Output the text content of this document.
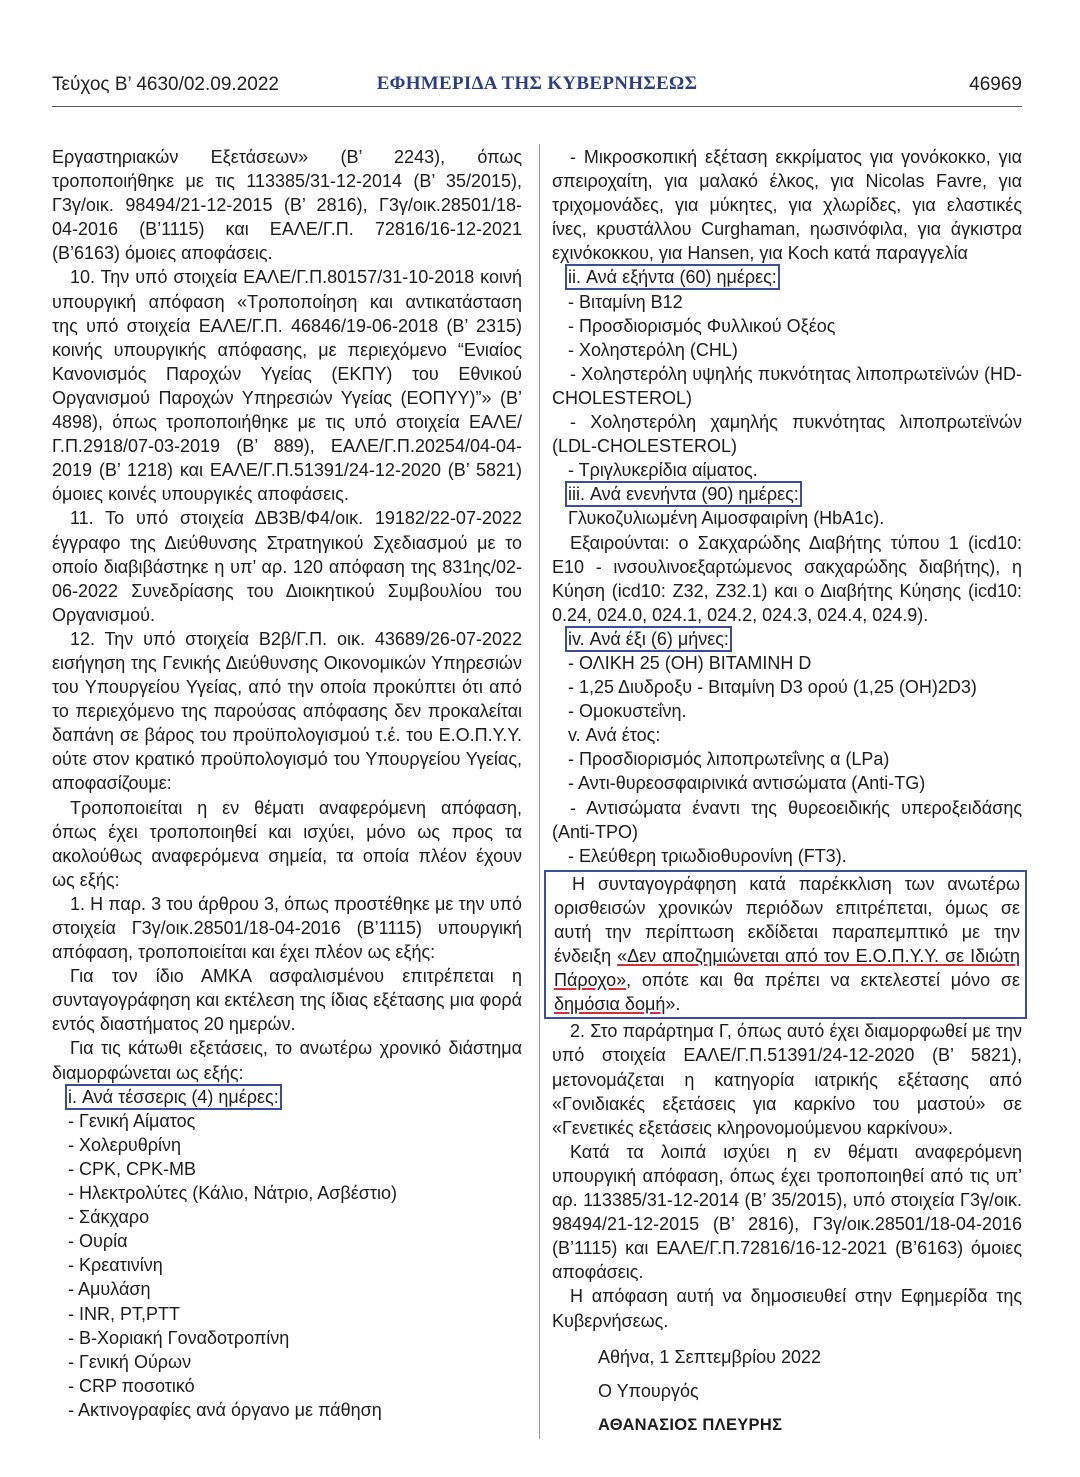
Τεύχος Β’ 4630/02.09.2022	ΕΦΗΜΕΡΙΔΑ ΤΗΣ ΚΥΒΕΡΝΗΣΕΩΣ	46969

Εργαστηριακών Εξετάσεων» (Β’ 2243), όπως τροποποιήθηκε με τις 113385/31-12-2014 (Β’ 35/2015), Γ3γ/οικ. 98494/21-12-2015 (Β’ 2816), Γ3γ/οικ.28501/18-04-2016 (Β’1115) και ΕΑΛΕ/Γ.Π. 72816/16-12-2021 (Β’6163) όμοιες αποφάσεις.

10. Την υπό στοιχεία ΕΑΛΕ/Γ.Π.80157/31-10-2018 κοινή υπουργική απόφαση «Τροποποίηση και αντικατάσταση της υπό στοιχεία ΕΑΛΕ/Γ.Π. 46846/19-06-2018 (Β’ 2315) κοινής υπουργικής απόφασης, με περιεχόμενο “Ενιαίος Κανονισμός Παροχών Υγείας (ΕΚΠΥ) του Εθνικού Οργανισμού Παροχών Υπηρεσιών Υγείας (ΕΟΠΥΥ)”» (Β’ 4898), όπως τροποποιήθηκε με τις υπό στοιχεία ΕΑΛΕ/Γ.Π.2918/07-03-2019 (Β’ 889), ΕΑΛΕ/Γ.Π.20254/04-04-2019 (Β’ 1218) και ΕΑΛΕ/Γ.Π.51391/24-12-2020 (Β’ 5821) όμοιες κοινές υπουργικές αποφάσεις.

11. Το υπό στοιχεία ΔΒ3Β/Φ4/οικ. 19182/22-07-2022 έγγραφο της Διεύθυνσης Στρατηγικού Σχεδιασμού με το οποίο διαβιβάστηκε η υπ’ αρ. 120 απόφαση της 831ης/02-06-2022 Συνεδρίασης του Διοικητικού Συμβουλίου του Οργανισμού.

12. Την υπό στοιχεία Β2β/Γ.Π. οικ. 43689/26-07-2022 εισήγηση της Γενικής Διεύθυνσης Οικονομικών Υπηρεσιών του Υπουργείου Υγείας, από την οποία προκύπτει ότι από το περιεχόμενο της παρούσας απόφασης δεν προκαλείται δαπάνη σε βάρος του προϋπολογισμού τ.έ. του Ε.Ο.Π.Υ.Υ. ούτε στον κρατικό προϋπολογισμό του Υπουργείου Υγείας, αποφασίζουμε:

Τροποποιείται η εν θέματι αναφερόμενη απόφαση, όπως έχει τροποποιηθεί και ισχύει, μόνο ως προς τα ακολούθως αναφερόμενα σημεία, τα οποία πλέον έχουν ως εξής:

1. Η παρ. 3 του άρθρου 3, όπως προστέθηκε με την υπό στοιχεία Γ3γ/οικ.28501/18-04-2016 (Β’1115) υπουργική απόφαση, τροποποιείται και έχει πλέον ως εξής:

Για τον ίδιο ΑΜΚΑ ασφαλισμένου επιτρέπεται η συνταγογράφηση και εκτέλεση της ίδιας εξέτασης μια φορά εντός διαστήματος 20 ημερών.

Για τις κάτωθι εξετάσεις, το ανωτέρω χρονικό διάστημα διαμορφώνεται ως εξής:

i. Ανά τέσσερις (4) ημέρες:

- Γενική Αίματος

- Χολερυθρίνη

- CPK, CPK-MB

- Ηλεκτρολύτες (Κάλιο, Νάτριο, Ασβέστιο)

- Σάκχαρο

- Ουρία

- Κρεατινίνη

- Αμυλάση

- INR, PT,PTT

- Β-Χοριακή Γοναδοτροπίνη

- Γενική Ούρων

- CRP ποσοτικό

- Ακτινογραφίες ανά όργανο με πάθηση

- Μικροσκοπική εξέταση εκκρίματος για γονόκοκκο, για σπειροχαίτη, για μαλακό έλκος, για Nicolas Favre, για τριχομονάδες, για μύκητες, για χλωρίδες, για ελαστικές ίνες, κρυστάλλου Curghaman, ηωσινόφιλα, για άγκιστρα εχινόκοκκου, για Hansen, για Koch κατά παραγγελία

ii. Ανά εξήντα (60) ημέρες:

- Βιταμίνη Β12

- Προσδιορισμός Φυλλικού Οξέος

- Χοληστερόλη (CHL)

- Χοληστερόλη υψηλής πυκνότητας λιποπρωτεϊνών (HD-CHOLESTEROL)

- Χοληστερόλη χαμηλής πυκνότητας λιποπρωτεϊνών (LDL-CHOLESTEROL)

- Τριγλυκερίδια αίματος.

iii. Ανά ενενήντα (90) ημέρες:

Γλυκοζυλιωμένη Αιμοσφαιρίνη (HbA1c).

Εξαιρούνται: ο Σακχαρώδης Διαβήτης τύπου 1 (icd10: Ε10 - ινσουλινοεξαρτώμενος σακχαρώδης διαβήτης), η Κύηση (icd10: Ζ32, Ζ32.1) και ο Διαβήτης Κύησης (icd10: 0.24, 024.0, 024.1, 024.2, 024.3, 024.4, 024.9).

iv. Ανά έξι (6) μήνες:

- ΟΛΙΚΗ 25 (ΟΗ) ΒΙΤΑΜΙΝΗ D

- 1,25 Διυδροξυ - Βιταμίνη D3 ορού (1,25 (ΟΗ)2D3)

- Ομοκυστεΐνη.

v. Ανά έτος:

- Προσδιορισμός λιποπρωτεΐνης α (LPa)

- Αντι-θυρεοσφαιρινικά αντισώματα (Anti-TG)

- Αντισώματα έναντι της θυρεοειδικής υπεροξειδάσης (Anti-TPO)

- Ελεύθερη τριωδιοθυρονίνη (FT3).

Η συνταγογράφηση κατά παρέκκλιση των ανωτέρω ορισθεισών χρονικών περιόδων επιτρέπεται, όμως σε αυτή την περίπτωση εκδίδεται παραπεμπτικό με την ένδειξη «Δεν αποζημιώνεται από τον Ε.Ο.Π.Υ.Υ. σε Ιδιώτη Πάροχο», οπότε και θα πρέπει να εκτελεστεί μόνο σε δημόσια δομή».

2. Στο παράρτημα Γ, όπως αυτό έχει διαμορφωθεί με την υπό στοιχεία ΕΑΛΕ/Γ.Π.51391/24-12-2020 (Β’ 5821), μετονομάζεται η κατηγορία ιατρικής εξέτασης από «Γονιδιακές εξετάσεις για καρκίνο του μαστού» σε «Γενετικές εξετάσεις κληρονομούμενου καρκίνου».

Κατά τα λοιπά ισχύει η εν θέματι αναφερόμενη υπουργική απόφαση, όπως έχει τροποποιηθεί από τις υπ’ αρ. 113385/31-12-2014 (Β’ 35/2015), υπό στοιχεία Γ3γ/οικ. 98494/21-12-2015 (Β’ 2816), Γ3γ/οικ.28501/18-04-2016 (Β’1115) και ΕΑΛΕ/Γ.Π.72816/16-12-2021 (Β’6163) όμοιες αποφάσεις.

Η απόφαση αυτή να δημοσιευθεί στην Εφημερίδα της Κυβερνήσεως.

Αθήνα, 1 Σεπτεμβρίου 2022

Ο Υπουργός

ΑΘΑΝΑΣΙΟΣ ΠΛΕΥΡΗΣ
